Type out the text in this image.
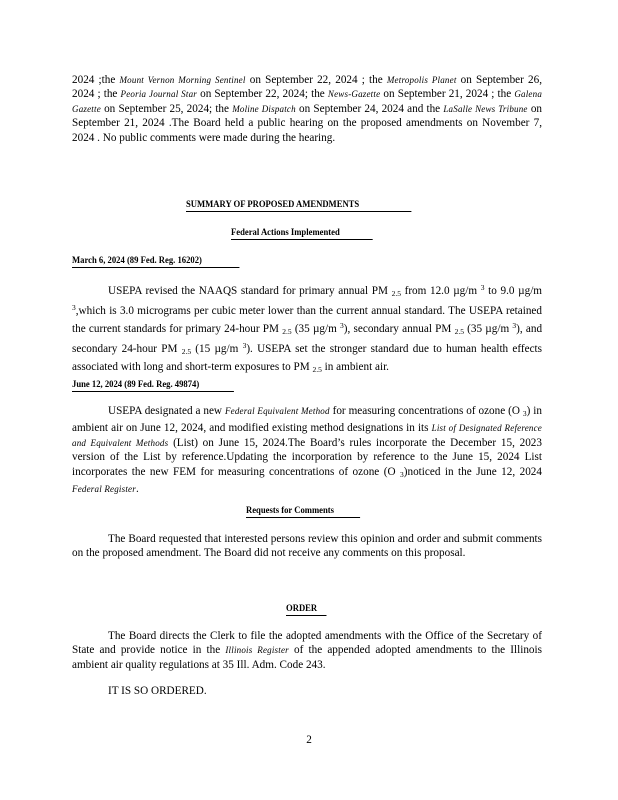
2024 ;the Mount Vernon Morning Sentinel on September 22, 2024 ; the Metropolis Planet on September 26, 2024 ; the Peoria Journal Star on September 22, 2024; the News-Gazette on September 21, 2024 ; the Galena Gazette on September 25, 2024; the Moline Dispatch on September 24, 2024 and the LaSalle News Tribune on September 21, 2024 .The Board held a public hearing on the proposed amendments on November 7, 2024 . No public comments were made during the hearing.
SUMMARY OF PROPOSED AMENDMENTS
Federal Actions Implemented
March 6, 2024 (89 Fed. Reg. 16202)
USEPA revised the NAAQS standard for primary annual PM $_{2.5}$ from 12.0 µg/m $^3$ to 9.0 µg/m $^3$,which is 3.0 micrograms per cubic meter lower than the current annual standard. The USEPA retained the current standards for primary 24-hour PM $_{2.5}$ (35 µg/m $^3$), secondary annual PM $_{2.5}$ (35 µg/m $^3$), and secondary 24-hour PM $_{2.5}$ (15 µg/m $^3$). USEPA set the stronger standard due to human health effects associated with long and short-term exposures to PM $_{2.5}$ in ambient air.
June 12, 2024 (89 Fed. Reg. 49874)
USEPA designated a new Federal Equivalent Method for measuring concentrations of ozone (O $_3$) in ambient air on June 12, 2024, and modified existing method designations in its List of Designated Reference and Equivalent Methods (List) on June 15, 2024.The Board’s rules incorporate the December 15, 2023 version of the List by reference.Updating the incorporation by reference to the June 15, 2024 List incorporates the new FEM for measuring concentrations of ozone (O $_3$)noticed in the June 12, 2024 Federal Register.
Requests for Comments
The Board requested that interested persons review this opinion and order and submit comments on the proposed amendment. The Board did not receive any comments on this proposal.
ORDER
The Board directs the Clerk to file the adopted amendments with the Office of the Secretary of State and provide notice in the Illinois Register of the appended adopted amendments to the Illinois ambient air quality regulations at 35 Ill. Adm. Code 243.
IT IS SO ORDERED.
2
